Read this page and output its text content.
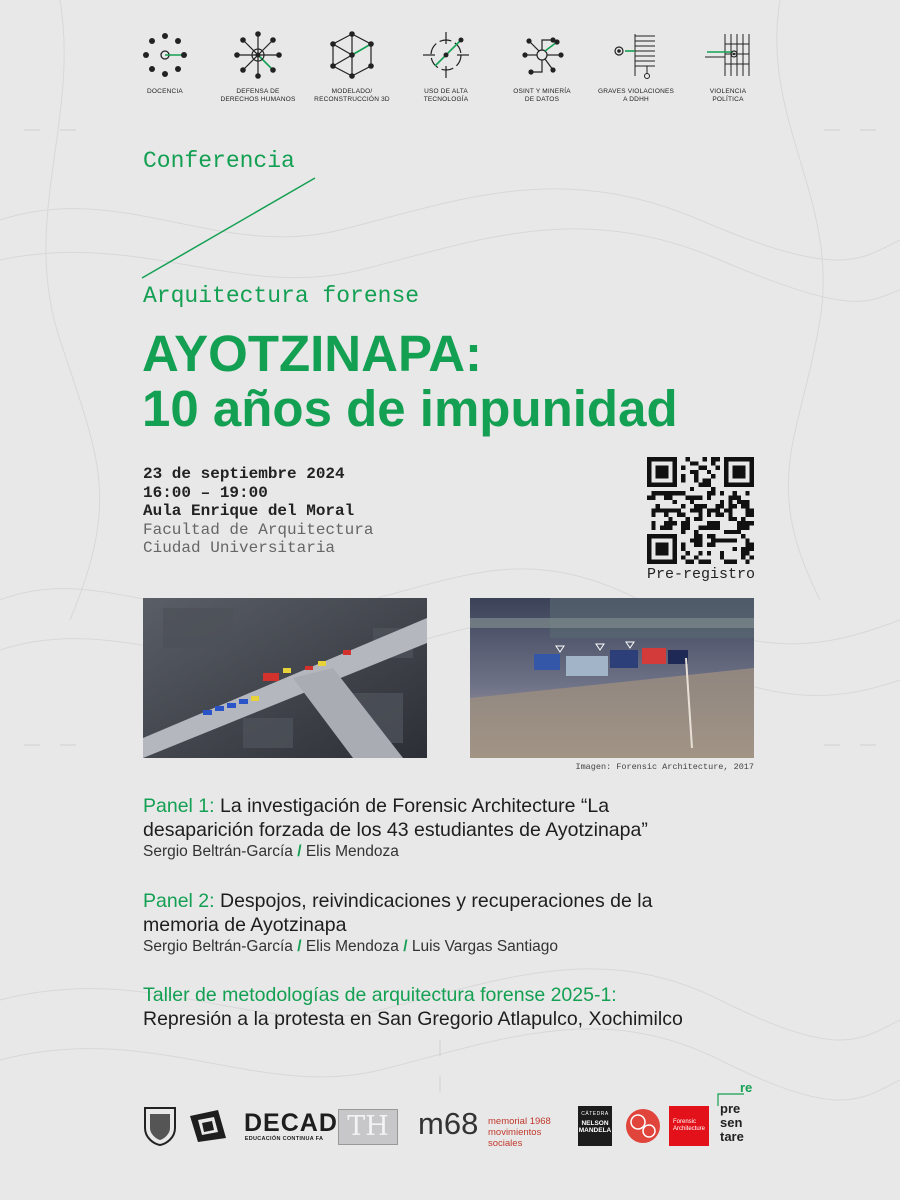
DOCENCIA	DEFENSA DE
DERECHOS HUMANOS
MODELADO/
RECONSTRUCCIÓN 3D
USO DE ALTA
TECNOLOGÍA
OSINT Y MINERÍA
DE DATOS
GRAVES VIOLACIONES
A DDHH
VIOLENCIA
POLÍTICA
Conferencia
Arquitectura forense
AYOTZINAPA:
10 años de impunidad
23 de septiembre 2024
16:00 – 19:00
Aula Enrique del Moral
Facultad de Arquitectura
Ciudad Universitaria
Pre-registro
Imagen: Forensic Architecture, 2017
Panel 1: La investigación de Forensic Architecture “La
desaparición forzada de los 43 estudiantes de Ayotzinapa”
Sergio Beltrán-García / Elis Mendoza
Panel 2: Despojos, reivindicaciones y recuperaciones de la
memoria de Ayotzinapa
Sergio Beltrán-García / Elis Mendoza / Luis Vargas Santiago
Taller de metodologías de arquitectura forense 2025-1:
Represión a la protesta en San Gregorio Atlapulco, Xochimilco
DECAD
EDUCACIÓN CONTINUA FA TH m68 memorial 1968
movimientos sociales
CÁTEDRA
NELSON
MANDELA
Forensic
Architecture
re
pre
sen
tare
